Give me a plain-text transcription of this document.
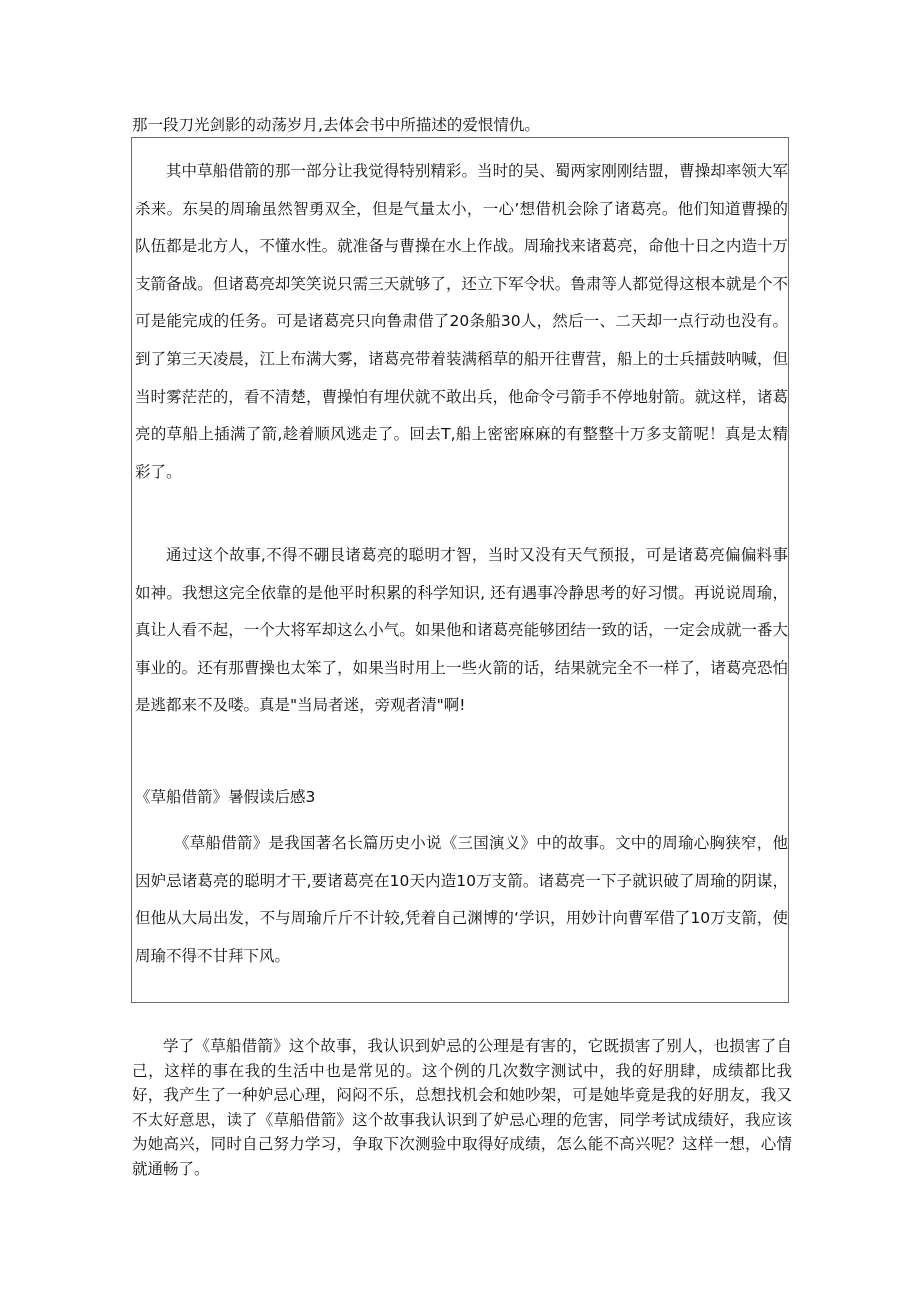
那一段刀光剑影的动荡岁月,去体会书中所描述的爱恨情仇。

其中草船借箭的那一部分让我觉得特别精彩。当时的吴、蜀两家刚刚结盟，曹操却率领大军杀来。东吴的周瑜虽然智勇双全，但是气量太小，一心’想借机会除了诸葛亮。他们知道曹操的队伍都是北方人，不懂水性。就准备与曹操在水上作战。周瑜找来诸葛亮，命他十日之内造十万支箭备战。但诸葛亮却笑笑说只需三天就够了，还立下军令状。鲁肃等人都觉得这根本就是个不可是能完成的任务。可是诸葛亮只向鲁肃借了20条船30人，然后一、二天却一点行动也没有。到了第三天凌晨，江上布满大雾，诸葛亮带着装满稻草的船开往曹营，船上的士兵擂鼓呐喊，但当时雾茫茫的，看不清楚，曹操怕有埋伏就不敢出兵，他命令弓箭手不停地射箭。就这样，诸葛亮的草船上插满了箭,趁着顺风逃走了。回去T,船上密密麻麻的有整整十万多支箭呢！真是太精彩了。

通过这个故事,不得不硼艮诸葛亮的聪明才智，当时又没有天气预报，可是诸葛亮偏偏料事如神。我想这完全依靠的是他平时积累的科学知识, 还有遇事冷静思考的好习惯。再说说周瑜，真让人看不起，一个大将军却这么小气。如果他和诸葛亮能够团结一致的话，一定会成就一番大事业的。还有那曹操也太笨了，如果当时用上一些火箭的话，结果就完全不一样了，诸葛亮恐怕是逃都来不及喽。真是"当局者迷，旁观者清"啊!

《草船借箭》暑假读后感3

《草船借箭》是我国著名长篇历史小说《三国演义》中的故事。文中的周瑜心胸狭窄，他因妒忌诸葛亮的聪明才干,要诸葛亮在10天内造10万支箭。诸葛亮一下子就识破了周瑜的阴谋，但他从大局出发，不与周瑜斤斤不计较,凭着自己渊博的‘学识，用妙计向曹军借了10万支箭，使周瑜不得不甘拜下风。

学了《草船借箭》这个故事，我认识到妒忌的公理是有害的，它既损害了别人，也损害了自己，这样的事在我的生活中也是常见的。这个例的几次数字测试中，我的好朋肆，成绩都比我好，我产生了一种妒忌心理，闷闷不乐，总想找机会和她吵架，可是她毕竟是我的好朋友，我又不太好意思，读了《草船借箭》这个故事我认识到了妒忌心理的危害，同学考试成绩好，我应该为她高兴，同时自己努力学习，争取下次测验中取得好成绩，怎么能不高兴呢？这样一想，心情就通畅了。
